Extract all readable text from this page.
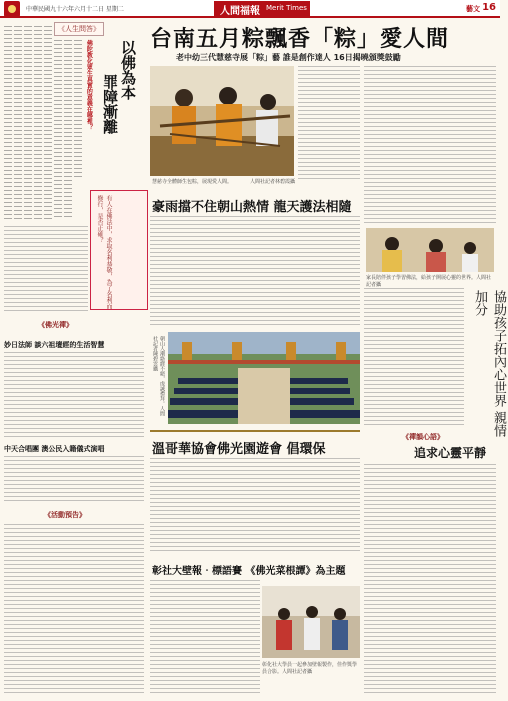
中華民國九十六年六月十二日 星期二	人間福報 Merit Times	藝文 16
《人生問答》
佛陀教化眾生真實的意義在哪裡？ 以佛為本
罪障漸離
有人在佛法中，求取名利恭敬，為了名利而修行，是否正確？
《佛光禪》
妙日法師 談六祖壇經的生活智慧
中天合唱團 澳公民入籍儀式演唱
《活動預告》
台南五月粽飄香「粽」愛人間
老中幼三代慧慈寺展「粽」藝 誰是創作達人 16日揭曉頒獎鼓勵
慧慈寺全體師生包粽，展現愛人間。	人間社記者林碧霞攝
豪雨擋不住朝山熱情 龍天護法相隨
朝山人潮絡繹不絕，虔誠禮拜。人間社記者陳碧雲攝
溫哥華協會佛光園遊會 倡環保
彰社大壁報‧標語賽 《佛光菜根譚》為主題
彰化社大學員一起參加壁報製作，佳作獎學員合影。人間社記者攝
家長陪伴孩子學習佛法，給孩子開展心靈的世界。人間社記者攝
協助孩子拓內心世界 親情加分
《禪韻心語》
追求心靈平靜
